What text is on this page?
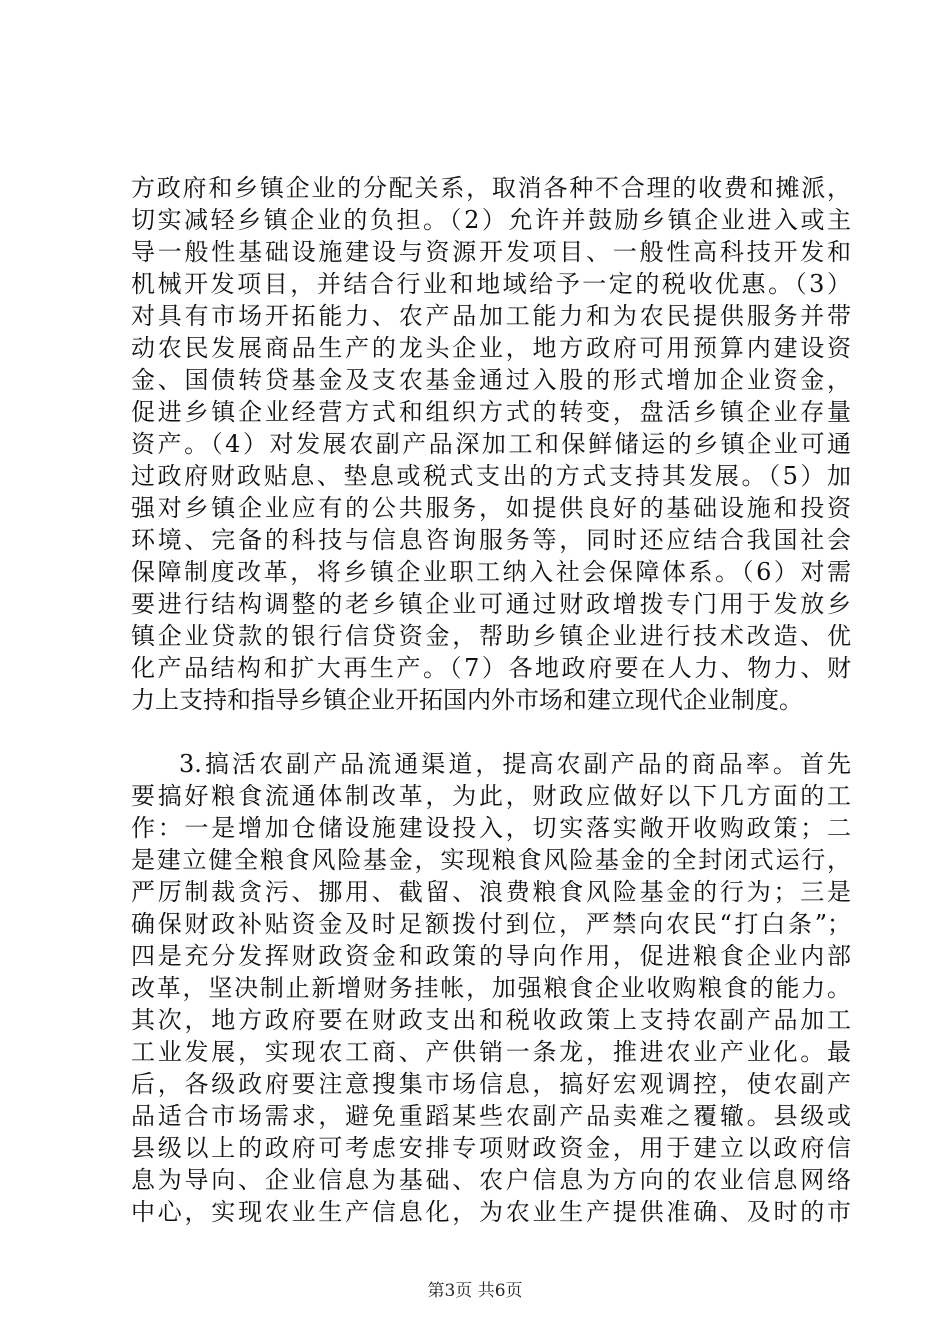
方政府和乡镇企业的分配关系，取消各种不合理的收费和摊派，
切实减轻乡镇企业的负担。（2）允许并鼓励乡镇企业进入或主
导一般性基础设施建设与资源开发项目、一般性高科技开发和
机械开发项目，并结合行业和地域给予一定的税收优惠。（3）
对具有市场开拓能力、农产品加工能力和为农民提供服务并带
动农民发展商品生产的龙头企业，地方政府可用预算内建设资
金、国债转贷基金及支农基金通过入股的形式增加企业资金，
促进乡镇企业经营方式和组织方式的转变，盘活乡镇企业存量
资产。（4）对发展农副产品深加工和保鲜储运的乡镇企业可通
过政府财政贴息、垫息或税式支出的方式支持其发展。（5）加
强对乡镇企业应有的公共服务，如提供良好的基础设施和投资
环境、完备的科技与信息咨询服务等，同时还应结合我国社会
保障制度改革，将乡镇企业职工纳入社会保障体系。（6）对需
要进行结构调整的老乡镇企业可通过财政增拨专门用于发放乡
镇企业贷款的银行信贷资金，帮助乡镇企业进行技术改造、优
化产品结构和扩大再生产。（7）各地政府要在人力、物力、财
力上支持和指导乡镇企业开拓国内外市场和建立现代企业制度。
3.搞活农副产品流通渠道，提高农副产品的商品率。首先
要搞好粮食流通体制改革，为此，财政应做好以下几方面的工
作：一是增加仓储设施建设投入，切实落实敞开收购政策；二
是建立健全粮食风险基金，实现粮食风险基金的全封闭式运行，
严厉制裁贪污、挪用、截留、浪费粮食风险基金的行为；三是
确保财政补贴资金及时足额拨付到位，严禁向农民“打白条”；
四是充分发挥财政资金和政策的导向作用，促进粮食企业内部
改革，坚决制止新增财务挂帐，加强粮食企业收购粮食的能力。
其次，地方政府要在财政支出和税收政策上支持农副产品加工
工业发展，实现农工商、产供销一条龙，推进农业产业化。最
后，各级政府要注意搜集市场信息，搞好宏观调控，使农副产
品适合市场需求，避免重蹈某些农副产品卖难之覆辙。县级或
县级以上的政府可考虑安排专项财政资金，用于建立以政府信
息为导向、企业信息为基础、农户信息为方向的农业信息网络
中心，实现农业生产信息化，为农业生产提供准确、及时的市
第3页 共6页
